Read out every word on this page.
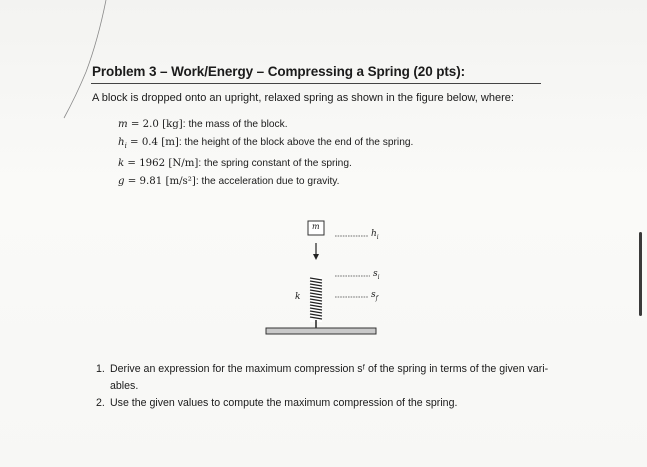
Problem 3 – Work/Energy – Compressing a Spring (20 pts):
A block is dropped onto an upright, relaxed spring as shown in the figure below, where:
m = 2.0 [kg]: the mass of the block.
$h_i = 0.4$ [m]: the height of the block above the end of the spring.
k = 1962 [N/m]: the spring constant of the spring.
g = 9.81 [m/s²]: the acceleration due to gravity.
m
k
$h_i$
$s_i$
$s_f$
1. Derive an expression for the maximum compression sᶠ of the spring in terms of the given vari-ables.
2. Use the given values to compute the maximum compression of the spring.
